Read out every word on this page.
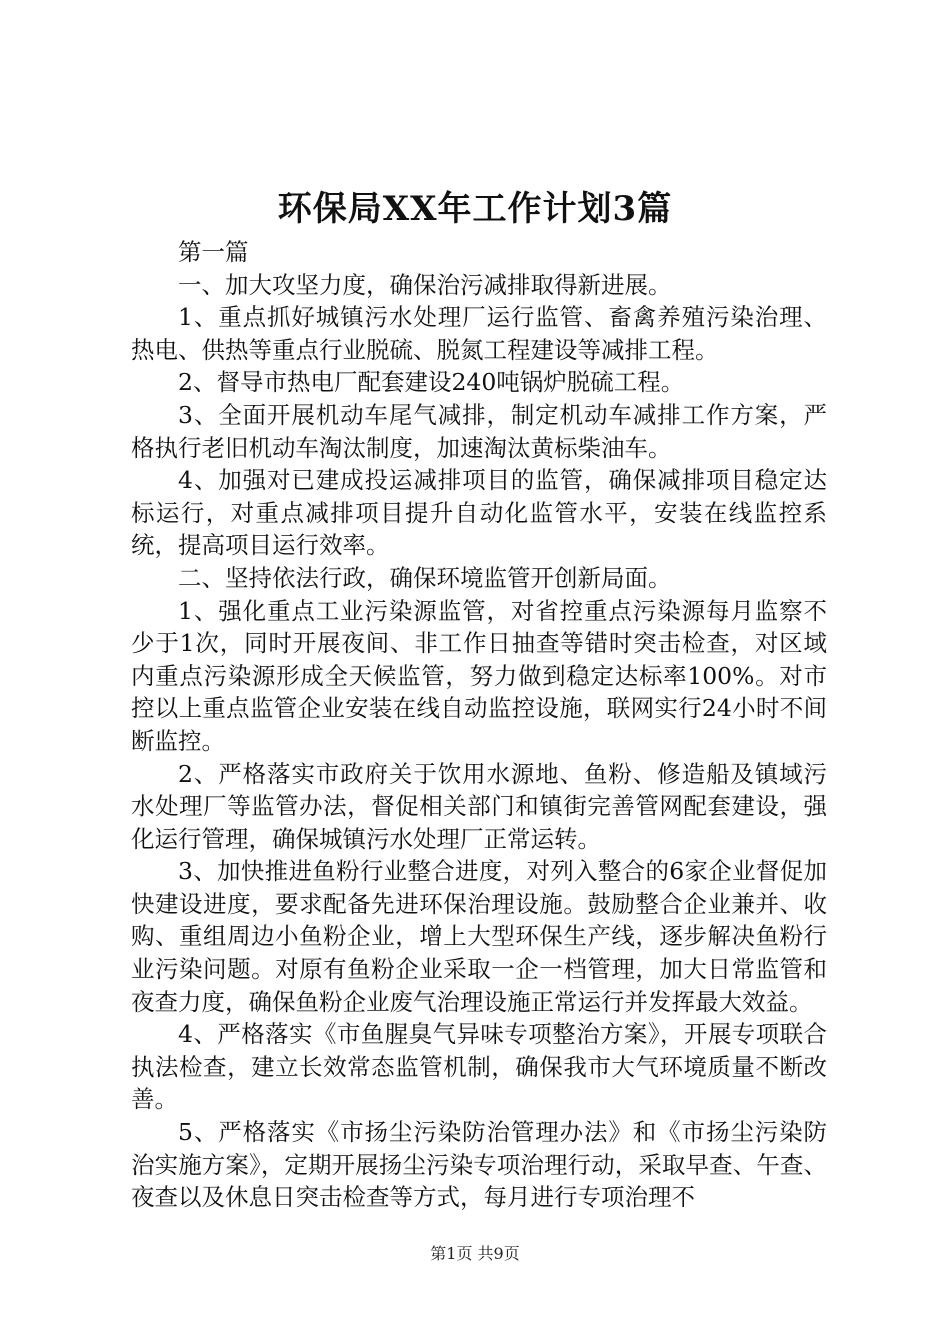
环保局XX年工作计划3篇

第一篇

一、加大攻坚力度，确保治污减排取得新进展。

1、重点抓好城镇污水处理厂运行监管、畜禽养殖污染治理、热电、供热等重点行业脱硫、脱氮工程建设等减排工程。

2、督导市热电厂配套建设240吨锅炉脱硫工程。

3、全面开展机动车尾气减排，制定机动车减排工作方案，严格执行老旧机动车淘汰制度，加速淘汰黄标柴油车。

4、加强对已建成投运减排项目的监管，确保减排项目稳定达标运行，对重点减排项目提升自动化监管水平，安装在线监控系统，提高项目运行效率。

二、坚持依法行政，确保环境监管开创新局面。

1、强化重点工业污染源监管，对省控重点污染源每月监察不少于1次，同时开展夜间、非工作日抽查等错时突击检查，对区域内重点污染源形成全天候监管，努力做到稳定达标率100%。对市控以上重点监管企业安装在线自动监控设施，联网实行24小时不间断监控。

2、严格落实市政府关于饮用水源地、鱼粉、修造船及镇域污水处理厂等监管办法，督促相关部门和镇街完善管网配套建设，强化运行管理，确保城镇污水处理厂正常运转。

3、加快推进鱼粉行业整合进度，对列入整合的6家企业督促加快建设进度，要求配备先进环保治理设施。鼓励整合企业兼并、收购、重组周边小鱼粉企业，增上大型环保生产线，逐步解决鱼粉行业污染问题。对原有鱼粉企业采取一企一档管理，加大日常监管和夜查力度，确保鱼粉企业废气治理设施正常运行并发挥最大效益。

4、严格落实《市鱼腥臭气异味专项整治方案》，开展专项联合执法检查，建立长效常态监管机制，确保我市大气环境质量不断改善。

5、严格落实《市扬尘污染防治管理办法》和《市扬尘污染防治实施方案》，定期开展扬尘污染专项治理行动，采取早查、午查、夜查以及休息日突击检查等方式，每月进行专项治理不

第1页 共9页
